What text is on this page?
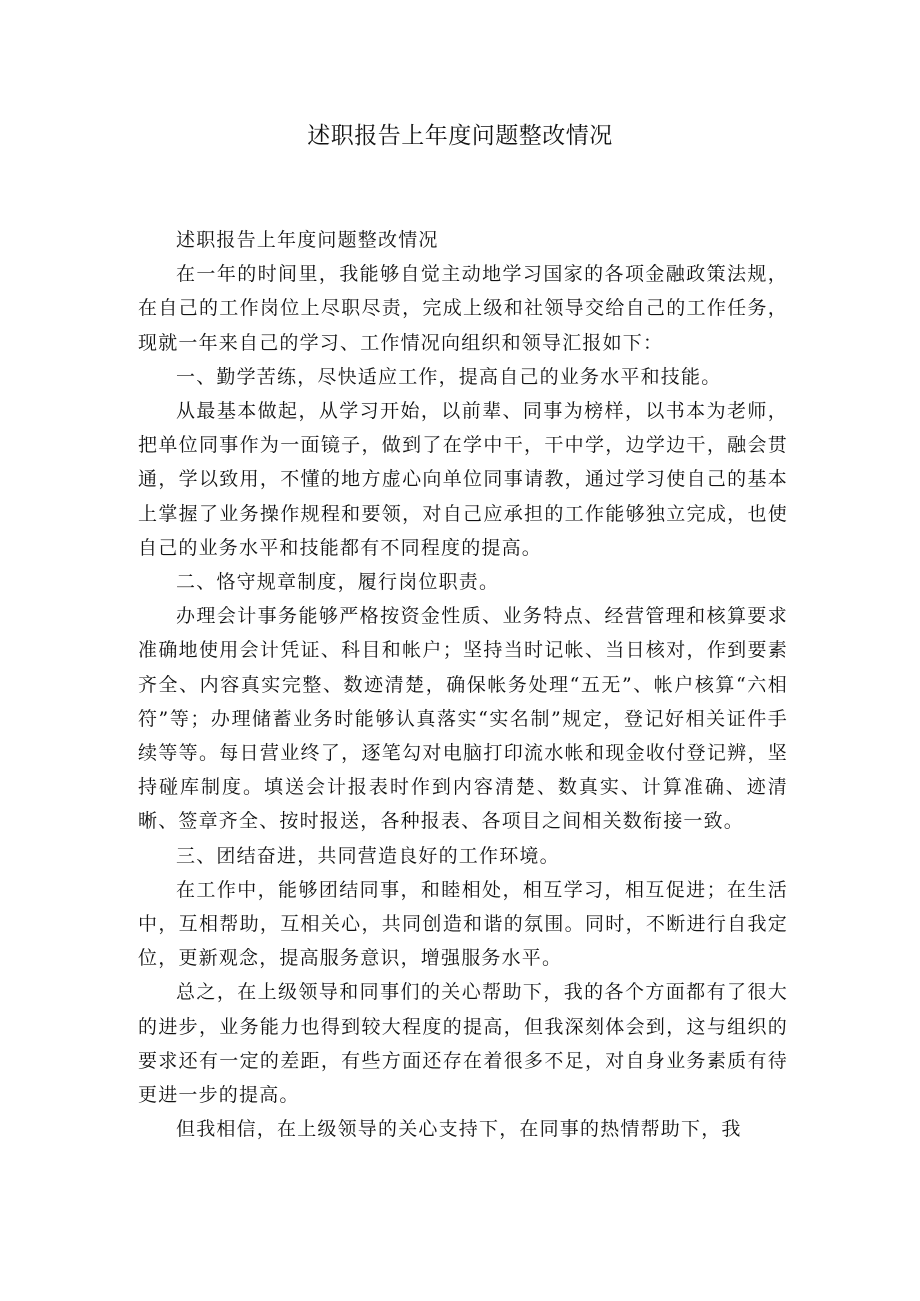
述职报告上年度问题整改情况

述职报告上年度问题整改情况

在一年的时间里，我能够自觉主动地学习国家的各项金融政策法规，在自己的工作岗位上尽职尽责，完成上级和社领导交给自己的工作任务，现就一年来自己的学习、工作情况向组织和领导汇报如下：

一、勤学苦练，尽快适应工作，提高自己的业务水平和技能。

从最基本做起，从学习开始，以前辈、同事为榜样，以书本为老师，把单位同事作为一面镜子，做到了在学中干，干中学，边学边干，融会贯通，学以致用，不懂的地方虚心向单位同事请教，通过学习使自己的基本上掌握了业务操作规程和要领，对自己应承担的工作能够独立完成，也使自己的业务水平和技能都有不同程度的提高。

二、恪守规章制度，履行岗位职责。

办理会计事务能够严格按资金性质、业务特点、经营管理和核算要求准确地使用会计凭证、科目和帐户；坚持当时记帐、当日核对，作到要素齐全、内容真实完整、数迹清楚，确保帐务处理“五无”、帐户核算“六相符”等；办理储蓄业务时能够认真落实“实名制”规定，登记好相关证件手续等等。每日营业终了，逐笔勾对电脑打印流水帐和现金收付登记辨，坚持碰库制度。填送会计报表时作到内容清楚、数真实、计算准确、迹清晰、签章齐全、按时报送，各种报表、各项目之间相关数衔接一致。

三、团结奋进，共同营造良好的工作环境。

在工作中，能够团结同事，和睦相处，相互学习，相互促进；在生活中，互相帮助，互相关心，共同创造和谐的氛围。同时，不断进行自我定位，更新观念，提高服务意识，增强服务水平。

总之，在上级领导和同事们的关心帮助下，我的各个方面都有了很大的进步，业务能力也得到较大程度的提高，但我深刻体会到，这与组织的要求还有一定的差距，有些方面还存在着很多不足，对自身业务素质有待更进一步的提高。

但我相信，在上级领导的关心支持下，在同事的热情帮助下，我
